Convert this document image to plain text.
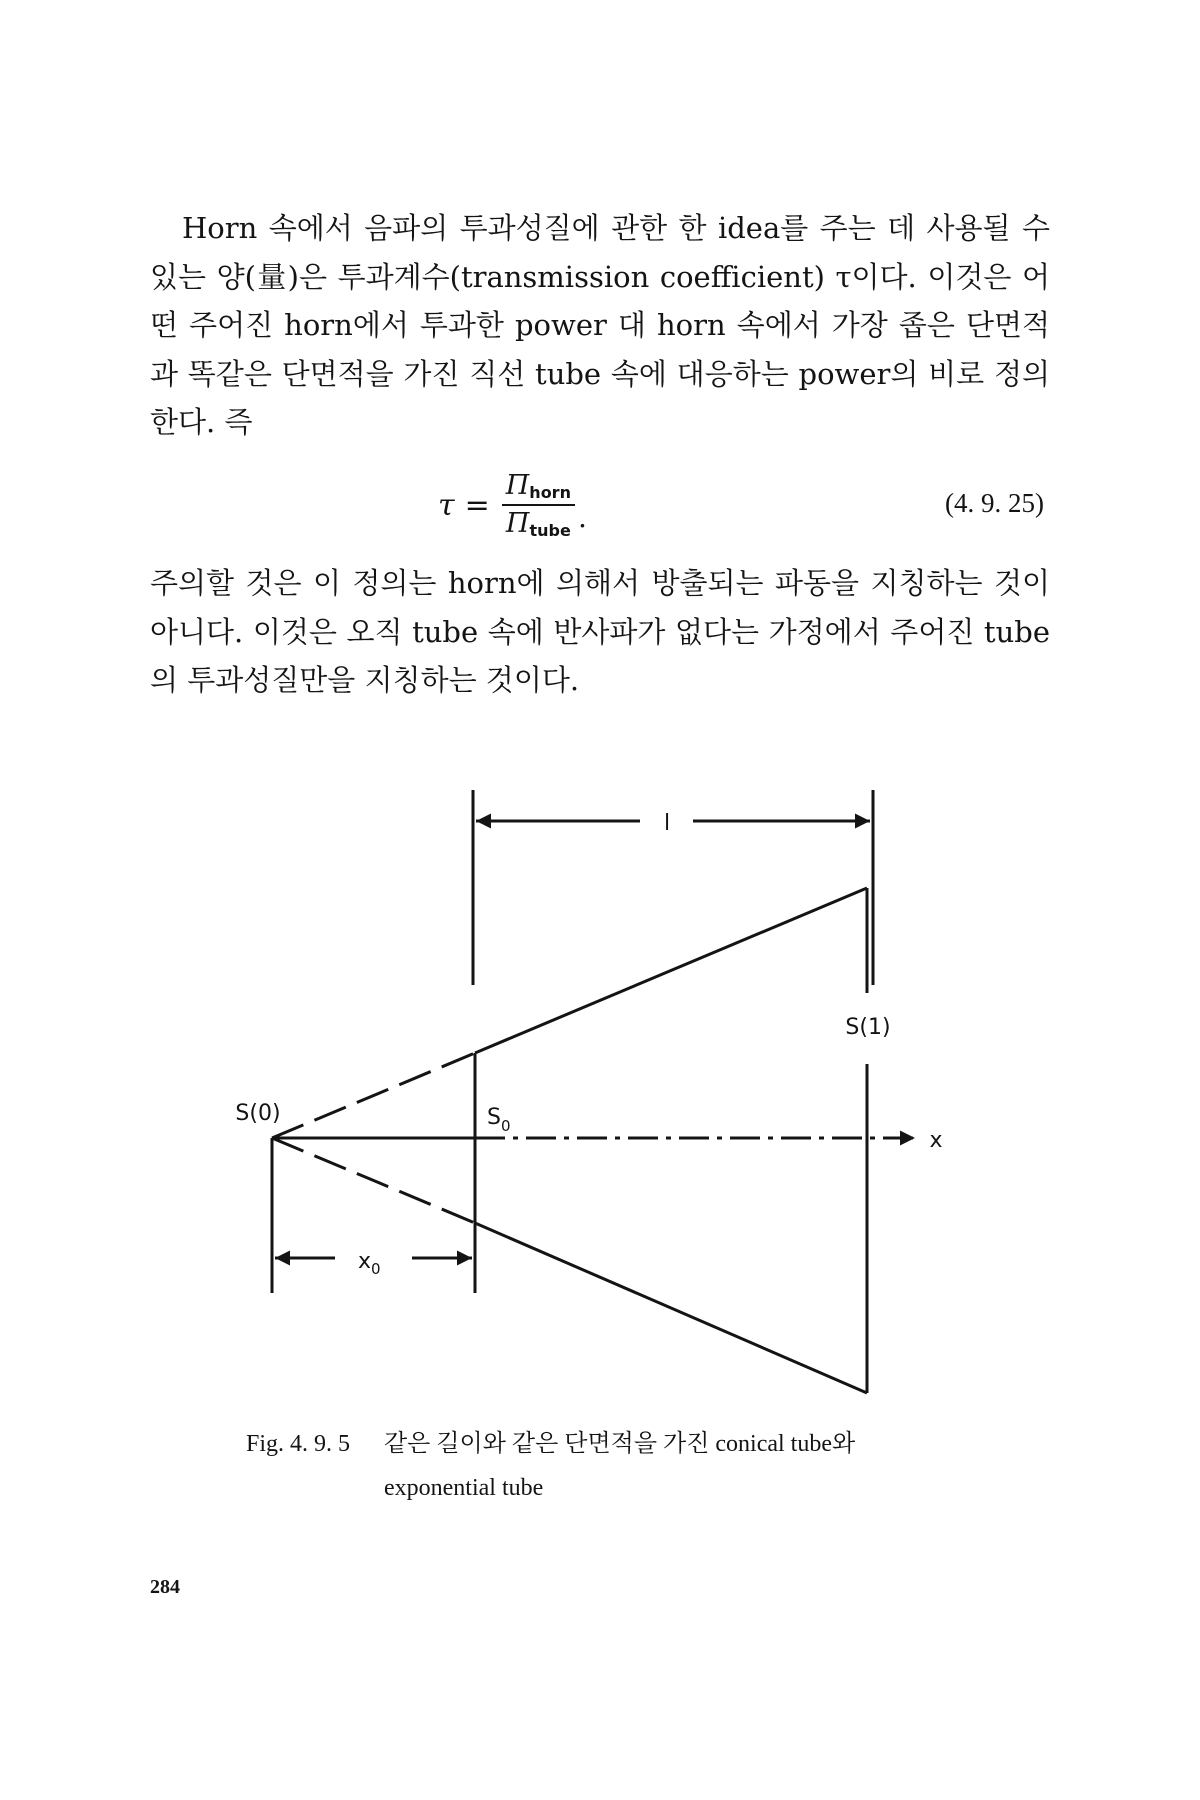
Horn 속에서 음파의 투과성질에 관한 한 idea를 주는 데 사용될 수 있는 양(量)은 투과계수(transmission coefficient) τ이다. 이것은 어떤 주어진 horn에서 투과한 power 대 horn 속에서 가장 좁은 단면적과 똑같은 단면적을 가진 직선 tube 속에 대응하는 power의 비로 정의한다. 즉

$\tau = \frac{\Pi_{horn}}{\Pi_{tube}}$ .	(4. 9. 25)

주의할 것은 이 정의는 horn에 의해서 방출되는 파동을 지칭하는 것이 아니다. 이것은 오직 tube 속에 반사파가 없다는 가정에서 주어진 tube의 투과성질만을 지칭하는 것이다.

l
S(1)
S(0)	$S_0$
x
$x_0$
Fig. 4. 9. 5 같은 길이와 같은 단면적을 가진 conical tube와
exponential tube
284
